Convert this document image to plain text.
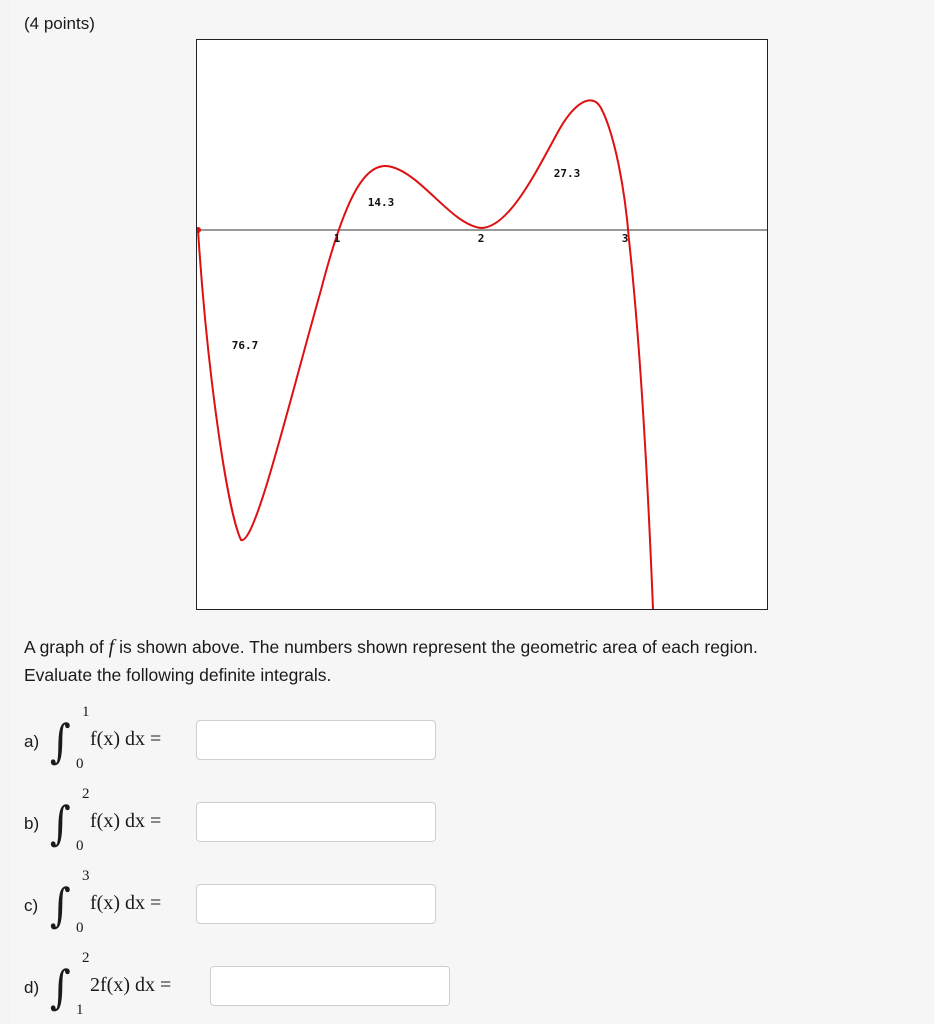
(4 points)
1	2	3
76.7
14.3
27.3
A graph of f is shown above. The numbers shown represent the geometric area of each region.
Evaluate the following definite integrals.
a) ∫
1
0
f(x) dx =
b) ∫
2
0
f(x) dx =
c) ∫
3
0
f(x) dx =
d) ∫
2
1
2f(x) dx =
